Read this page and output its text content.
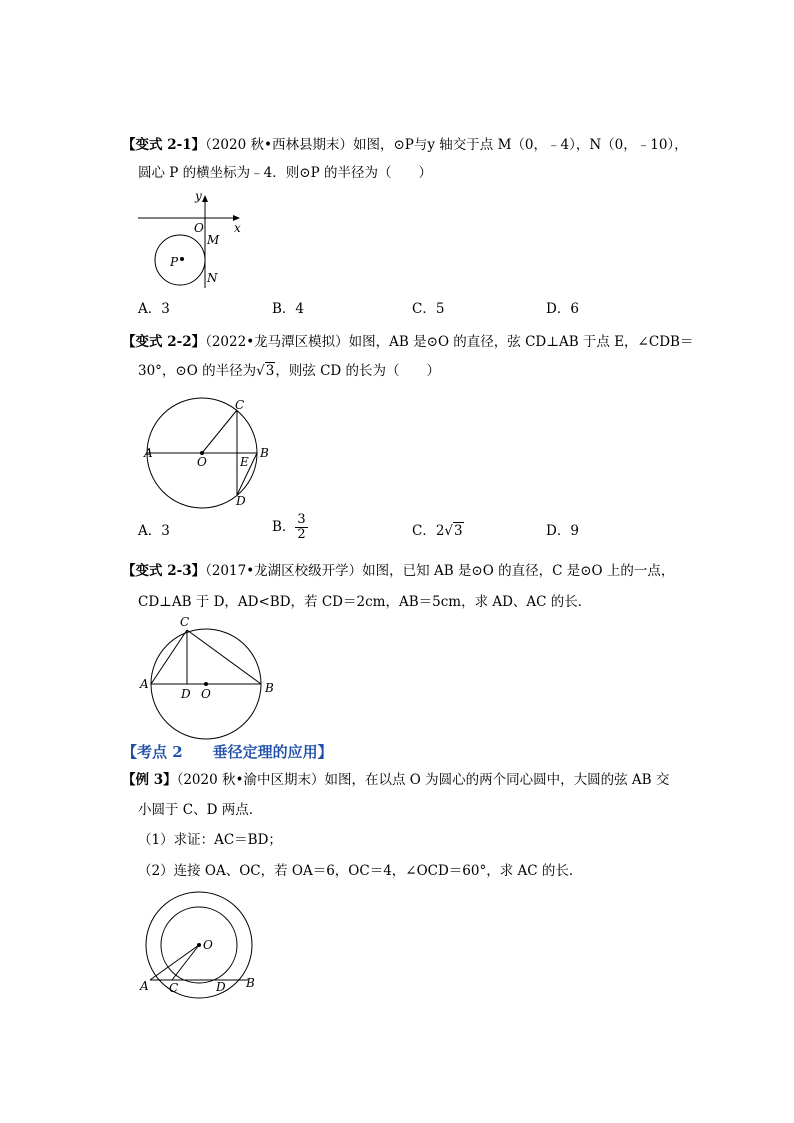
【变式 2-1】（2020 秋•西林县期末）如图，⊙P与y 轴交于点 M（0，﹣4），N（0，﹣10），
圆心 P 的横坐标为﹣4．则⊙P 的半径为（　　）
y
x
O
M
N
P
A．3	B．4	C．5	D．6
【变式 2-2】（2022•龙马潭区模拟）如图，AB 是⊙O 的直径，弦 CD⊥AB 于点 E，∠CDB＝
30°，⊙O 的半径为√3，则弦 CD 的长为（　　）
A	B
C
D
E
O
A．3	B． $\frac{3}{2}$	C．2√3	D．9
【变式 2-3】（2017•龙湖区校级开学）如图，已知 AB 是⊙O 的直径，C 是⊙O 上的一点，
CD⊥AB 于 D，AD<BD，若 CD＝2cm，AB＝5cm，求 AD、AC 的长．
A	B
C
D O
【考点 2　　垂径定理的应用】
【例 3】（2020 秋•渝中区期末）如图，在以点 O 为圆心的两个同心圆中，大圆的弦 AB 交
小圆于 C、D 两点．
（1）求证：AC＝BD；
（2）连接 OA、OC，若 OA＝6，OC＝4，∠OCD＝60°，求 AC 的长．
O
A	B
C	D
